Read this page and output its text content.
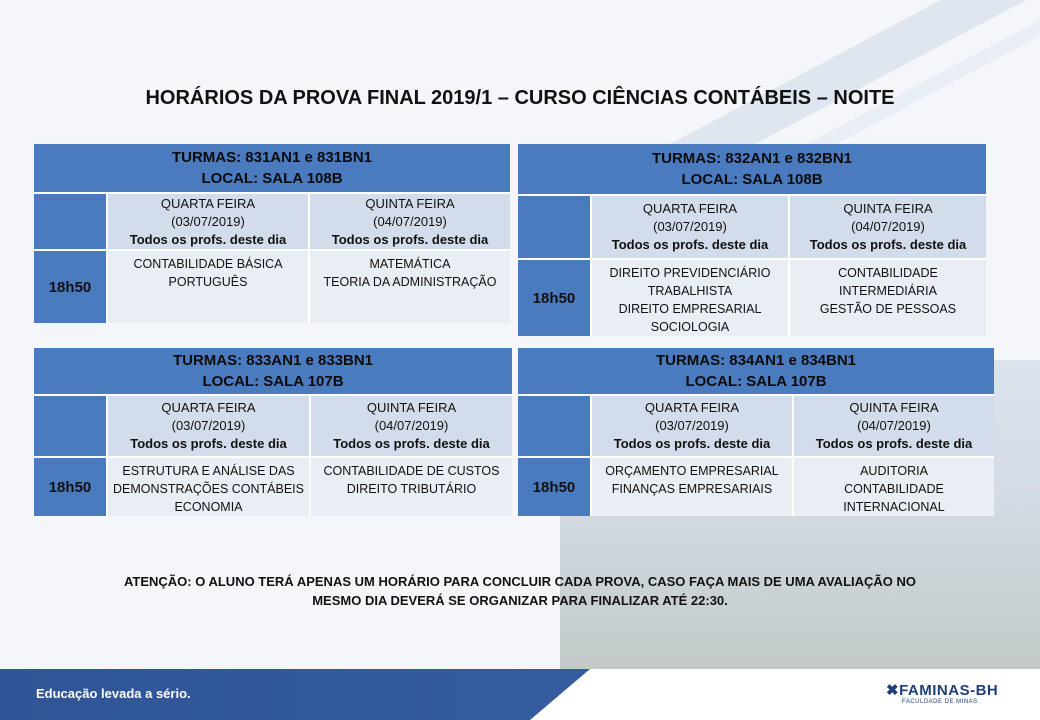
HORÁRIOS DA PROVA FINAL 2019/1 – CURSO CIÊNCIAS CONTÁBEIS – NOITE
TURMAS: 831AN1 e 831BN1
LOCAL: SALA 108B
QUARTA FEIRA
(03/07/2019)
Todos os profs. deste dia
QUINTA FEIRA
(04/07/2019)
Todos os profs. deste dia
18h50
CONTABILIDADE BÁSICA
PORTUGUÊS
MATEMÁTICA
TEORIA DA ADMINISTRAÇÃO
TURMAS: 832AN1 e 832BN1
LOCAL: SALA 108B
QUARTA FEIRA
(03/07/2019)
Todos os profs. deste dia
QUINTA FEIRA
(04/07/2019)
Todos os profs. deste dia
18h50
DIREITO PREVIDENCIÁRIO
TRABALHISTA
DIREITO EMPRESARIAL
SOCIOLOGIA
CONTABILIDADE
INTERMEDIÁRIA
GESTÃO DE PESSOAS
TURMAS: 833AN1 e 833BN1
LOCAL: SALA 107B
QUARTA FEIRA
(03/07/2019)
Todos os profs. deste dia
QUINTA FEIRA
(04/07/2019)
Todos os profs. deste dia
18h50
ESTRUTURA E ANÁLISE DAS
DEMONSTRAÇÕES CONTÁBEIS
ECONOMIA
CONTABILIDADE DE CUSTOS
DIREITO TRIBUTÁRIO
TURMAS: 834AN1 e 834BN1
LOCAL: SALA 107B
QUARTA FEIRA
(03/07/2019)
Todos os profs. deste dia
QUINTA FEIRA
(04/07/2019)
Todos os profs. deste dia
18h50
ORÇAMENTO EMPRESARIAL
FINANÇAS EMPRESARIAIS
AUDITORIA
CONTABILIDADE
INTERNACIONAL
ATENÇÃO: O ALUNO TERÁ APENAS UM HORÁRIO PARA CONCLUIR CADA PROVA, CASO FAÇA MAIS DE UMA AVALIAÇÃO NO
MESMO DIA DEVERÁ SE ORGANIZAR PARA FINALIZAR ATÉ 22:30.
Educação levada a sério.	✖FAMINAS-BH
FACULDADE DE MINAS
